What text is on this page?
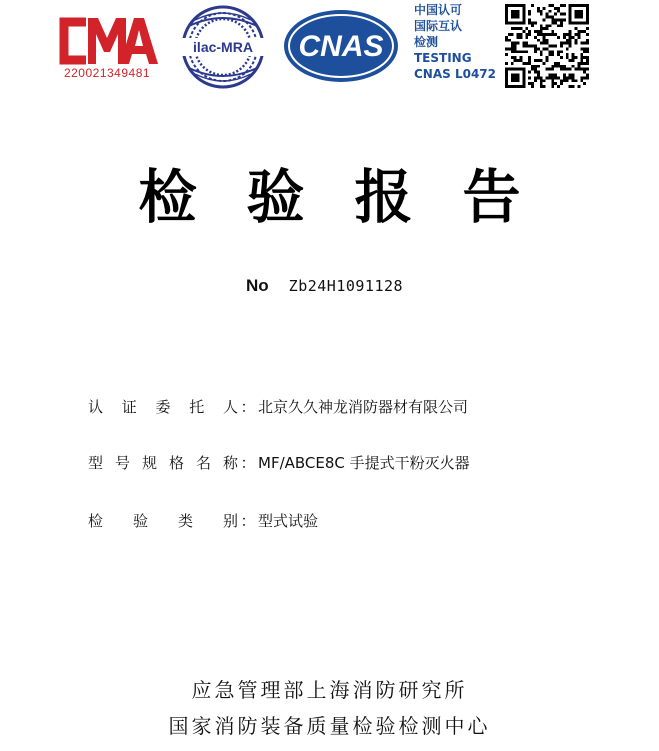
220021349481
ilac-MRA CNAS
中国认可
国际互认
检测
TESTING
CNAS L0472
检验报告
No Zb24H1091128
认证委托人 ： 北京久久神龙消防器材有限公司
型号规格名称 ： MF/ABCE8C 手提式干粉灭火器
检验类别 ： 型式试验
应急管理部上海消防研究所
国家消防装备质量检验检测中心
